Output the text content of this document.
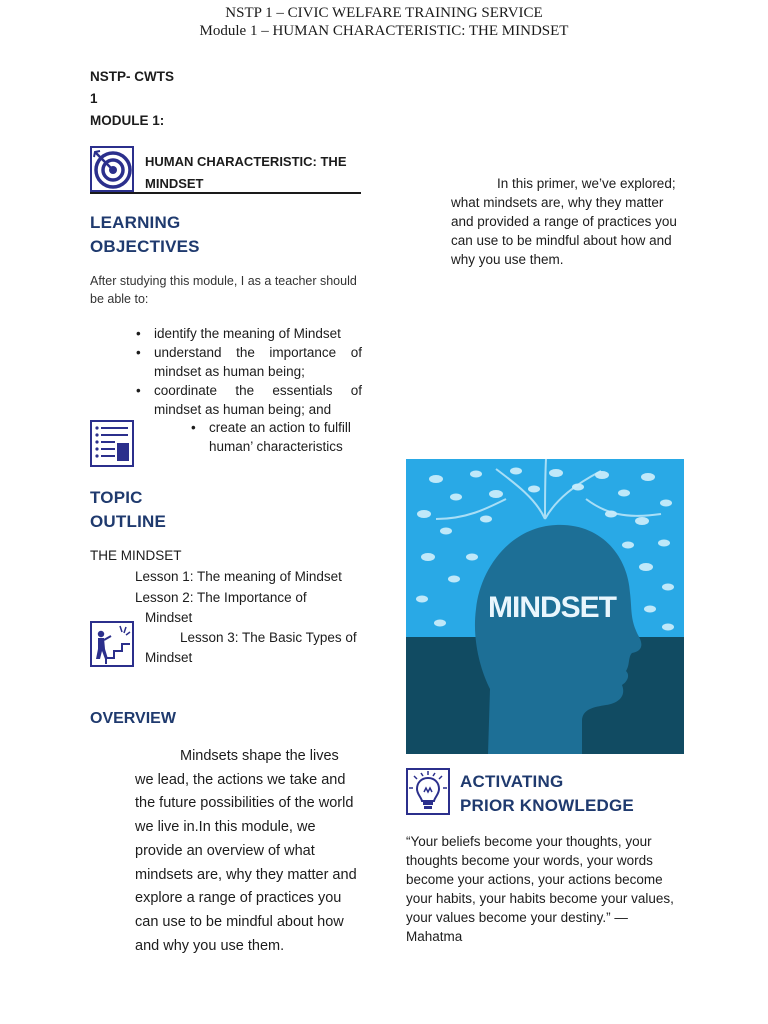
NSTP 1 – CIVIC WELFARE TRAINING SERVICE
Module 1 – HUMAN CHARACTERISTIC: THE MINDSET
NSTP- CWTS
1
MODULE 1:
HUMAN CHARACTERISTIC: THE
MINDSET
LEARNING
OBJECTIVES
After studying this module, I as a teacher should be able to:
• identify the meaning of Mindset
• understand the importance of mindset as human being;
• coordinate the essentials of mindset as human being; and
• create an action to fulfill human’ characteristics
TOPIC
OUTLINE
THE MINDSET
Lesson 1: The meaning of Mindset
Lesson 2: The Importance of
Mindset
Lesson 3: The Basic Types of
Mindset
OVERVIEW
Mindsets shape the lives we lead, the actions we take and the future possibilities of the world we live in.In this module, we provide an overview of what mindsets are, why they matter and explore a range of practices you can use to be mindful about how and why you use them.
In this primer, we’ve explored; what mindsets are, why they matter and provided a range of practices you can use to be mindful about how and why you use them.
MINDSET
ACTIVATING
PRIOR KNOWLEDGE
“Your beliefs become your thoughts, your thoughts become your words, your words become your actions, your actions become your habits, your habits become your values, your values become your destiny.” — Mahatma
